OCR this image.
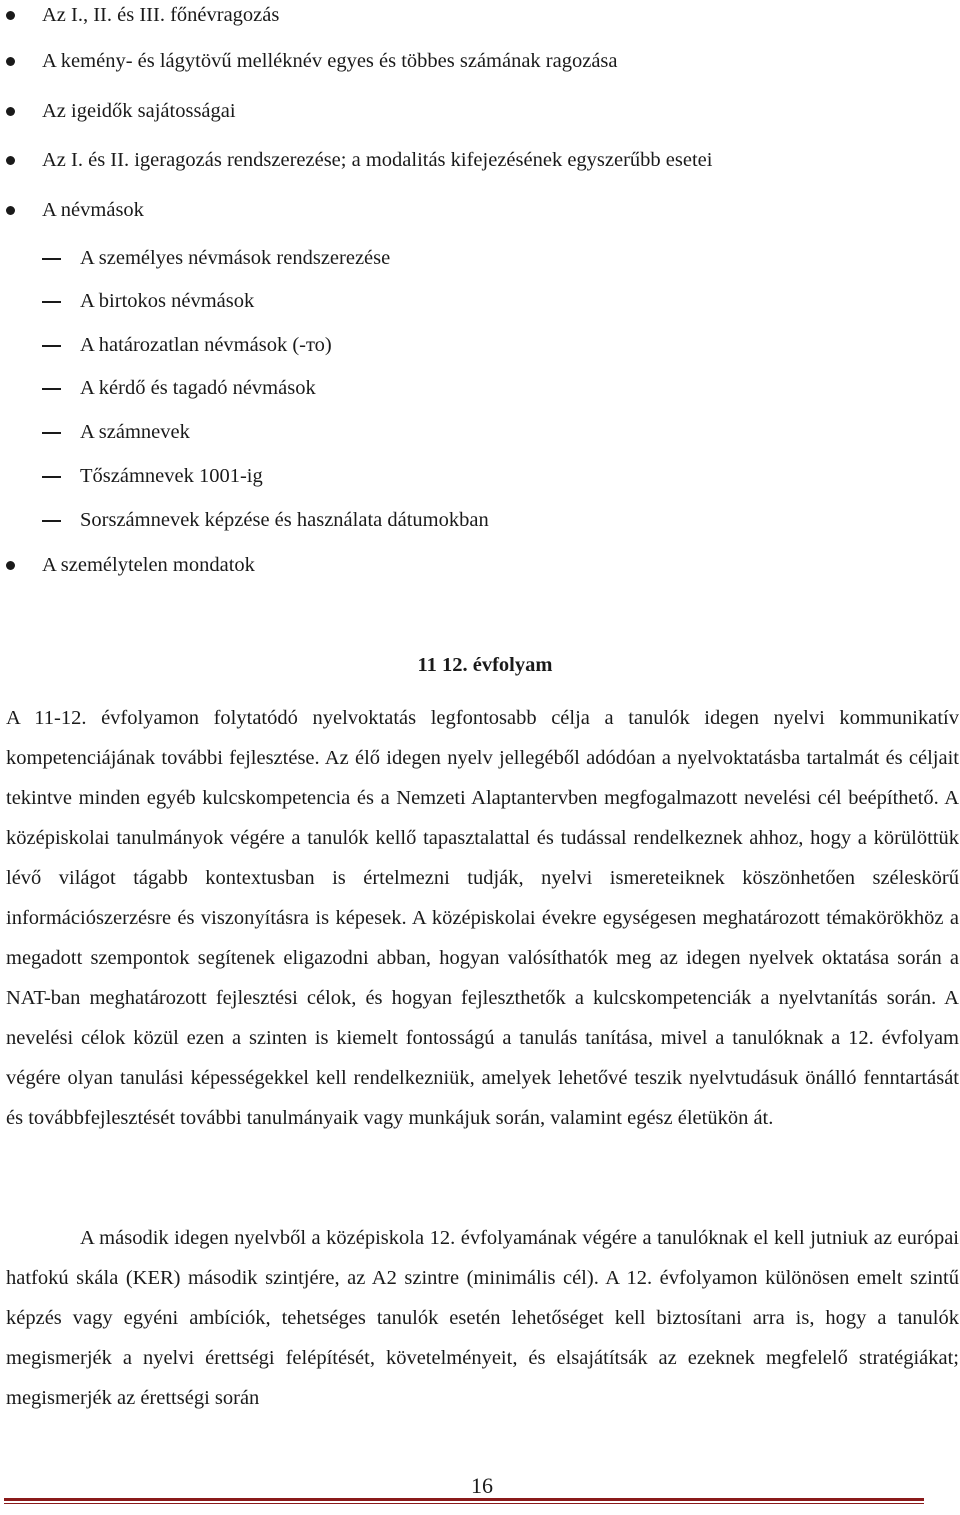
Az I., II. és III. főnévragozás
A kemény- és lágytövű melléknév egyes és többes számának ragozása
Az igeidők sajátosságai
Az I. és II. igeragozás rendszerezése; a modalitás kifejezésének egyszerűbb esetei
A névmások
A személyes névmások rendszerezése
A birtokos névmások
A határozatlan névmások (-то)
A kérdő és tagadó névmások
A számnevek
Tőszámnevek 1001-ig
Sorszámnevek képzése és használata dátumokban
A személytelen mondatok
11 12. évfolyam

A 11-12. évfolyamon folytatódó nyelvoktatás legfontosabb célja a tanulók idegen nyelvi kommunikatív kompetenciájának további fejlesztése. Az élő idegen nyelv jellegéből adódóan a nyelvoktatásba tartalmát és céljait tekintve minden egyéb kulcskompetencia és a Nemzeti Alaptantervben megfogalmazott nevelési cél beépíthető. A középiskolai tanulmányok végére a tanulók kellő tapasztalattal és tudással rendelkeznek ahhoz, hogy a körülöttük lévő világot tágabb kontextusban is értelmezni tudják, nyelvi ismereteiknek köszönhetően széleskörű információszerzésre és viszonyításra is képesek. A középiskolai évekre egységesen meghatározott témakörökhöz a megadott szempontok segítenek eligazodni abban, hogyan valósíthatók meg az idegen nyelvek oktatása során a NAT-ban meghatározott fejlesztési célok, és hogyan fejleszthetők a kulcskompetenciák a nyelvtanítás során. A nevelési célok közül ezen a szinten is kiemelt fontosságú a tanulás tanítása, mivel a tanulóknak a 12. évfolyam végére olyan tanulási képességekkel kell rendelkezniük, amelyek lehetővé teszik nyelvtudásuk önálló fenntartását és továbbfejlesztését további tanulmányaik vagy munkájuk során, valamint egész életükön át.

A második idegen nyelvből a középiskola 12. évfolyamának végére a tanulóknak el kell jutniuk az európai hatfokú skála (KER) második szintjére, az A2 szintre (minimális cél). A 12. évfolyamon különösen emelt szintű képzés vagy egyéni ambíciók, tehetséges tanulók esetén lehetőséget kell biztosítani arra is, hogy a tanulók megismerjék a nyelvi érettségi felépítését, követelményeit, és elsajátítsák az ezeknek megfelelő stratégiákat; megismerjék az érettségi során

16
